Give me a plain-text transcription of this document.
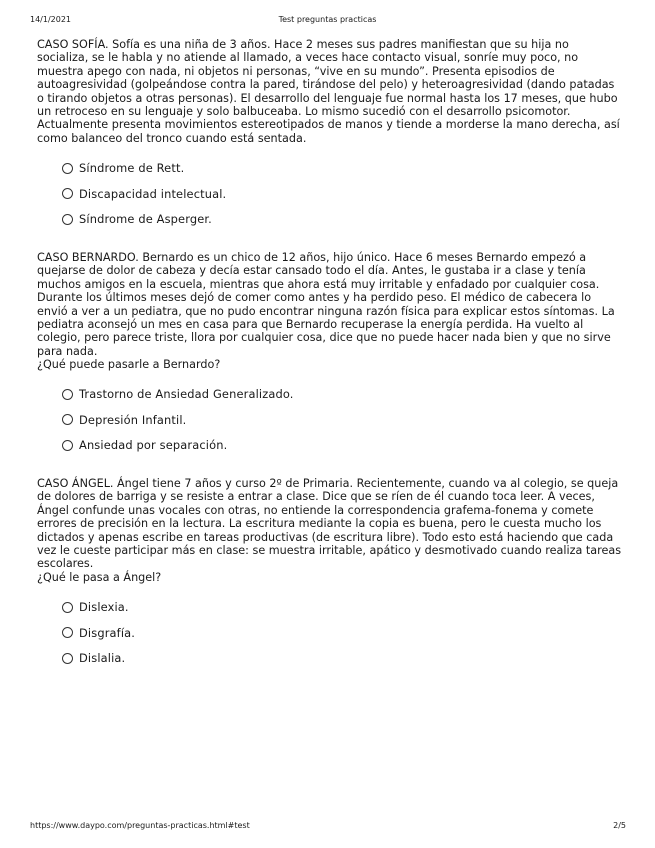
14/1/2021	Test preguntas practicas

CASO SOFÍA. Sofía es una niña de 3 años. Hace 2 meses sus padres manifiestan que su hija no socializa, se le habla y no atiende al llamado, a veces hace contacto visual, sonríe muy poco, no muestra apego con nada, ni objetos ni personas, “vive en su mundo”. Presenta episodios de autoagresividad (golpeándose contra la pared, tirándose del pelo) y heteroagresividad (dando patadas o tirando objetos a otras personas). El desarrollo del lenguaje fue normal hasta los 17 meses, que hubo un retroceso en su lenguaje y solo balbuceaba. Lo mismo sucedió con el desarrollo psicomotor. Actualmente presenta movimientos estereotipados de manos y tiende a morderse la mano derecha, así como balanceo del tronco cuando está sentada.

Síndrome de Rett.
Discapacidad intelectual.
Síndrome de Asperger.

CASO BERNARDO. Bernardo es un chico de 12 años, hijo único. Hace 6 meses Bernardo empezó a quejarse de dolor de cabeza y decía estar cansado todo el día. Antes, le gustaba ir a clase y tenía muchos amigos en la escuela, mientras que ahora está muy irritable y enfadado por cualquier cosa. Durante los últimos meses dejó de comer como antes y ha perdido peso. El médico de cabecera lo envió a ver a un pediatra, que no pudo encontrar ninguna razón física para explicar estos síntomas. La pediatra aconsejó un mes en casa para que Bernardo recuperase la energía perdida. Ha vuelto al colegio, pero parece triste, llora por cualquier cosa, dice que no puede hacer nada bien y que no sirve para nada.

¿Qué puede pasarle a Bernardo?

Trastorno de Ansiedad Generalizado.
Depresión Infantil.
Ansiedad por separación.

CASO ÁNGEL. Ángel tiene 7 años y curso 2º de Primaria. Recientemente, cuando va al colegio, se queja de dolores de barriga y se resiste a entrar a clase. Dice que se ríen de él cuando toca leer. A veces, Ángel confunde unas vocales con otras, no entiende la correspondencia grafema-fonema y comete errores de precisión en la lectura. La escritura mediante la copia es buena, pero le cuesta mucho los dictados y apenas escribe en tareas productivas (de escritura libre). Todo esto está haciendo que cada vez le cueste participar más en clase: se muestra irritable, apático y desmotivado cuando realiza tareas escolares.

¿Qué le pasa a Ángel?

Dislexia.
Disgrafía.
Dislalia.
https://www.daypo.com/preguntas-practicas.html#test	2/5
